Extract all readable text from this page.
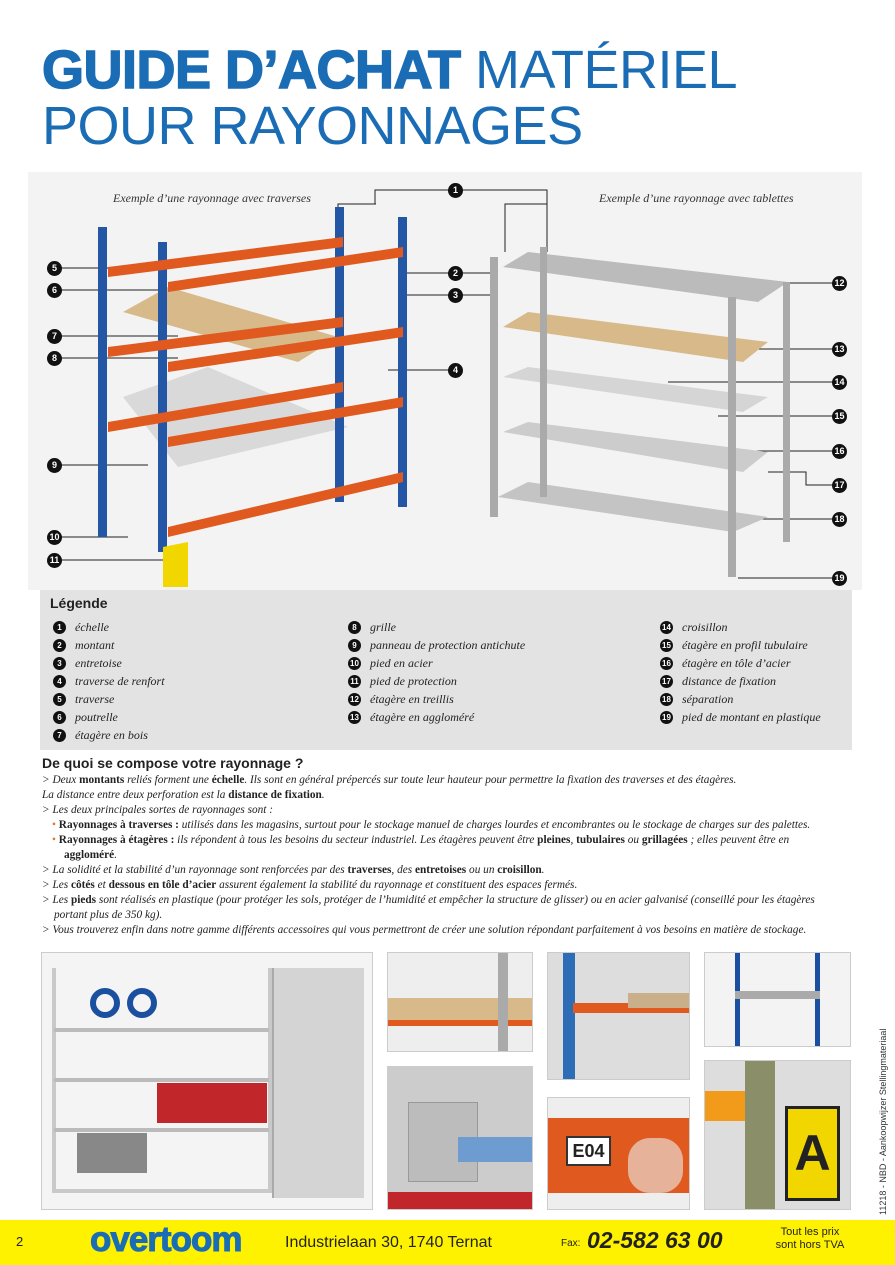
GUIDE D’ACHAT MATÉRIEL
POUR RAYONNAGES
Exemple d’une rayonnage avec traverses	Exemple d’une rayonnage avec tablettes
1
2
3
4
5
6
7
8
9
10
11
12
13
14
15
16
17
18
19
Légende
1	échelle
2	montant
3	entretoise
4	traverse de renfort
5	traverse
6	poutrelle
7	étagère en bois
8	grille
9	panneau de protection antichute
10 pied en acier
11 pied de protection
12 étagère en treillis
13 étagère en aggloméré
14 croisillon
15 étagère en profil tubulaire
16 étagère en tôle d’acier
17 distance de fixation
18 séparation
19 pied de montant en plastique
De quoi se compose votre rayonnage ?
> Deux montants reliés forment une échelle. Ils sont en général prépercés sur toute leur hauteur pour permettre la fixation des traverses et des étagères.
La distance entre deux perforation est la distance de fixation.
> Les deux principales sortes de rayonnages sont :
• Rayonnages à traverses : utilisés dans les magasins, surtout pour le stockage manuel de charges lourdes et encombrantes ou le stockage de charges sur des palettes.
• Rayonnages à étagères : ils répondent à tous les besoins du secteur industriel. Les étagères peuvent être pleines, tubulaires ou grillagées ; elles peuvent être en
aggloméré.
> La solidité et la stabilité d’un rayonnage sont renforcées par des traverses, des entretoises ou un croisillon.
> Les côtés et dessous en tôle d’acier assurent également la stabilité du rayonnage et constituent des espaces fermés.
> Les pieds sont réalisés en plastique (pour protéger les sols, protéger de l’humidité et empêcher la structure de glisser) ou en acier galvanisé (conseillé pour les étagères
portant plus de 350 kg).
> Vous trouverez enfin dans notre gamme différents accessoires qui vous permettront de créer une solution répondant parfaitement à vos besoins en matière de stockage.
E04	A	11218 - NBD - Aankoopwijzer Stellingmateriaal
2 overtoom	Industrielaan 30, 1740 Ternat	Fax: 02-582 63 00	Tout les prix
sont hors TVA
